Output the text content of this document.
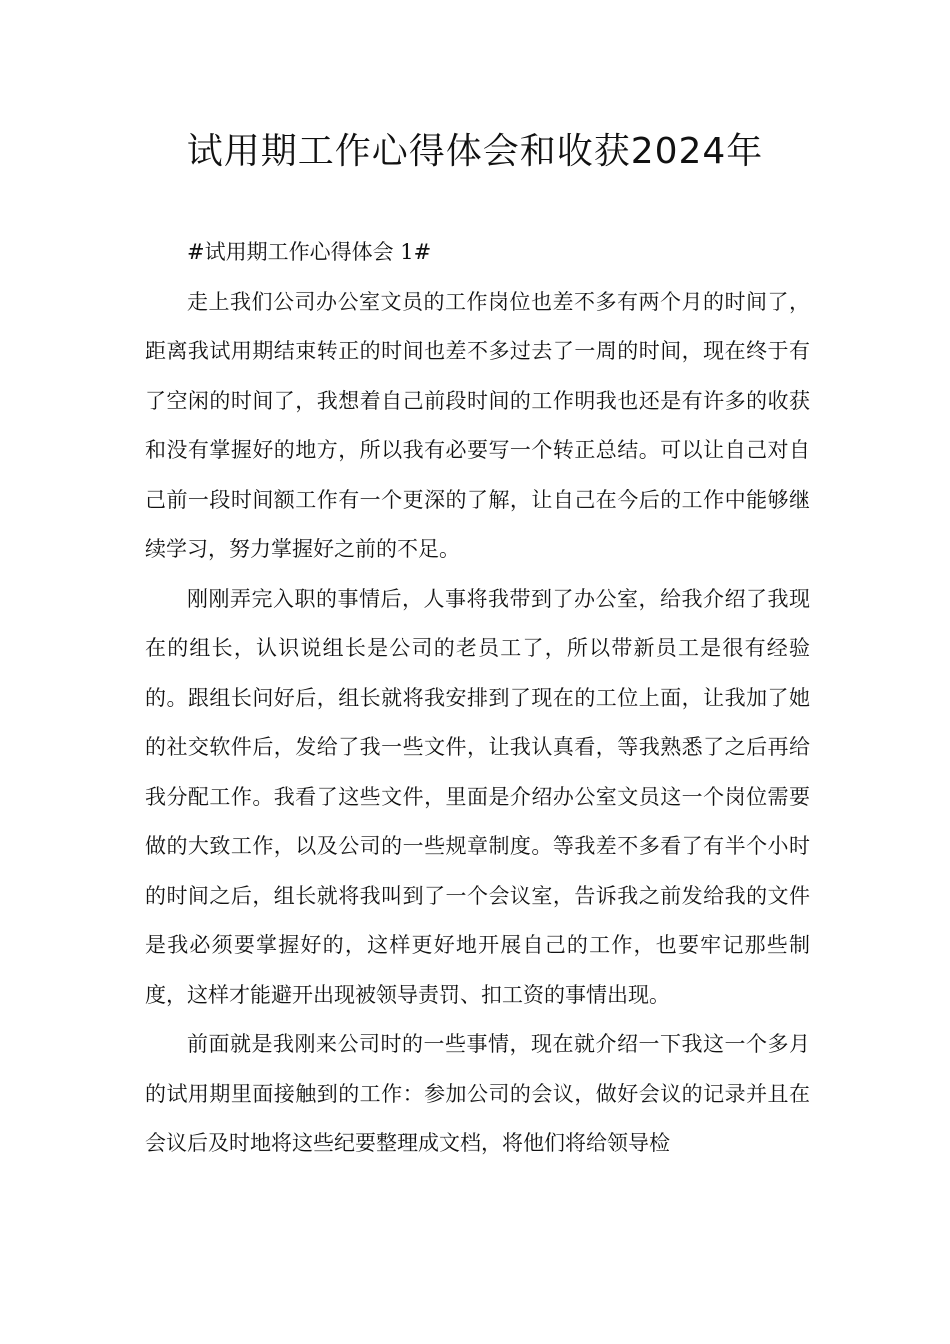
试用期工作心得体会和收获2024年

#试用期工作心得体会 1#

走上我们公司办公室文员的工作岗位也差不多有两个月的时间了，距离我试用期结束转正的时间也差不多过去了一周的时间，现在终于有了空闲的时间了，我想着自己前段时间的工作明我也还是有许多的收获和没有掌握好的地方，所以我有必要写一个转正总结。可以让自己对自己前一段时间额工作有一个更深的了解，让自己在今后的工作中能够继续学习，努力掌握好之前的不足。

刚刚弄完入职的事情后，人事将我带到了办公室，给我介绍了我现在的组长，认识说组长是公司的老员工了，所以带新员工是很有经验的。跟组长问好后，组长就将我安排到了现在的工位上面，让我加了她的社交软件后，发给了我一些文件，让我认真看，等我熟悉了之后再给我分配工作。我看了这些文件，里面是介绍办公室文员这一个岗位需要做的大致工作，以及公司的一些规章制度。等我差不多看了有半个小时的时间之后，组长就将我叫到了一个会议室，告诉我之前发给我的文件是我必须要掌握好的，这样更好地开展自己的工作，也要牢记那些制度，这样才能避开出现被领导责罚、扣工资的事情出现。

前面就是我刚来公司时的一些事情，现在就介绍一下我这一个多月的试用期里面接触到的工作：参加公司的会议，做好会议的记录并且在会议后及时地将这些纪要整理成文档，将他们将给领导检
